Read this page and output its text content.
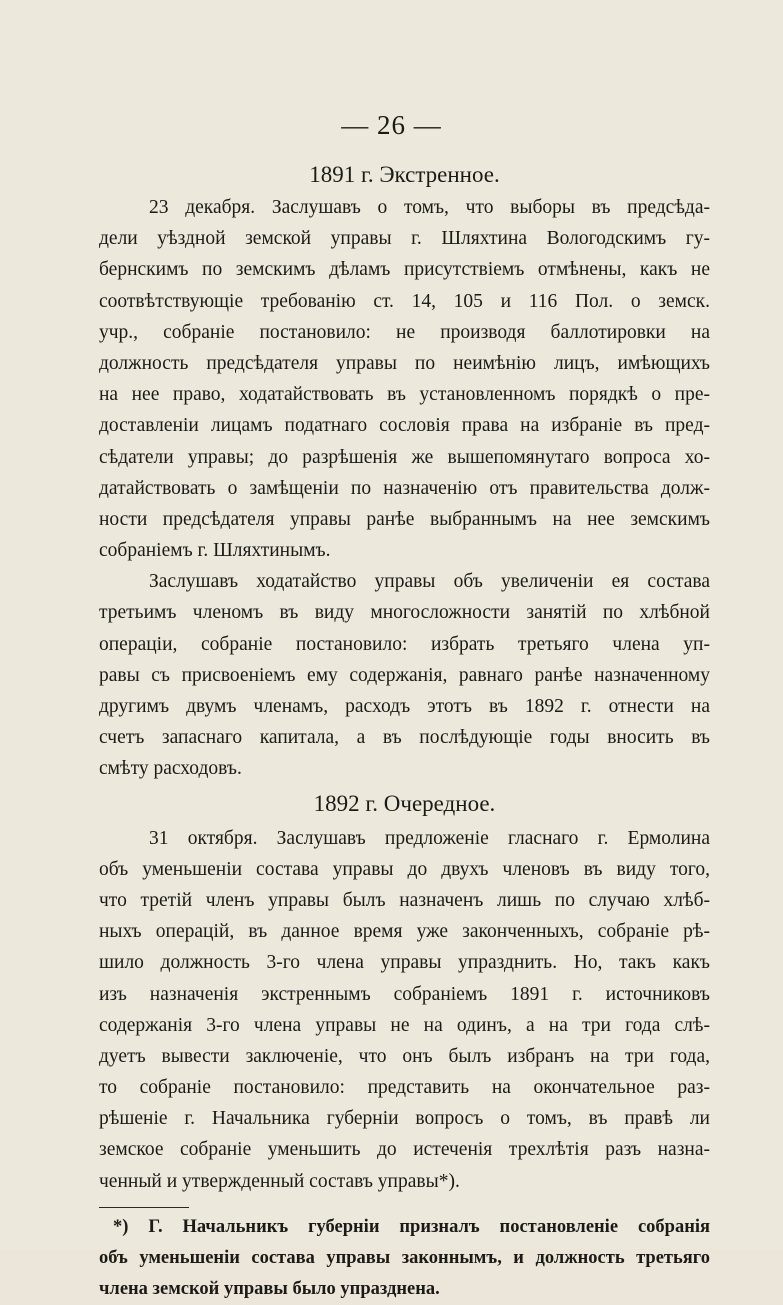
— 26 —
1891 г. Экстренное.
23 декабря. Заслушавъ о томъ, что выборы въ предсѣда-
дели уѣздной земской управы г. Шляхтина Вологодскимъ гу-
бернскимъ по земскимъ дѣламъ присутствіемъ отмѣнены, какъ не
соотвѣтствующіе требованію ст. 14, 105 и 116 Пол. о земск.
учр., собраніе постановило: не производя баллотировки на
должность предсѣдателя управы по неимѣнію лицъ, имѣющихъ
на нее право, ходатайствовать въ установленномъ порядкѣ о пре-
доставленіи лицамъ податнаго сословія права на избраніе въ пред-
сѣдатели управы; до разрѣшенія же вышепомянутаго вопроса хо-
датайствовать о замѣщеніи по назначенію отъ правительства долж-
ности предсѣдателя управы ранѣе выбраннымъ на нее земскимъ
собраніемъ г. Шляхтинымъ.
Заслушавъ ходатайство управы объ увеличеніи ея состава
третьимъ членомъ въ виду многосложности занятій по хлѣбной
операціи, собраніе постановило: избрать третьяго члена уп-
равы съ присвоеніемъ ему содержанія, равнаго ранѣе назначенному
другимъ двумъ членамъ, расходъ этотъ въ 1892 г. отнести на
счетъ запаснаго капитала, а въ послѣдующіе годы вносить въ
смѣту расходовъ.
1892 г. Очередное.
31 октября. Заслушавъ предложеніе гласнаго г. Ермолина
объ уменьшеніи состава управы до двухъ членовъ въ виду того,
что третій членъ управы былъ назначенъ лишь по случаю хлѣб-
ныхъ операцій, въ данное время уже законченныхъ, собраніе рѣ-
шило должность 3-го члена управы упразднить. Но, такъ какъ
изъ назначенія экстреннымъ собраніемъ 1891 г. источниковъ
содержанія 3-го члена управы не на одинъ, а на три года слѣ-
дуетъ вывести заключеніе, что онъ былъ избранъ на три года,
то собраніе постановило: представить на окончательное раз-
рѣшеніе г. Начальника губерніи вопросъ о томъ, въ правѣ ли
земское собраніе уменьшить до истеченія трехлѣтія разъ назна-
ченный и утвержденный составъ управы*).
*) Г. Начальникъ губерніи призналъ постановленіе собранія
объ уменьшеніи состава управы законнымъ, и должность третьяго
члена земской управы было упразднена.
